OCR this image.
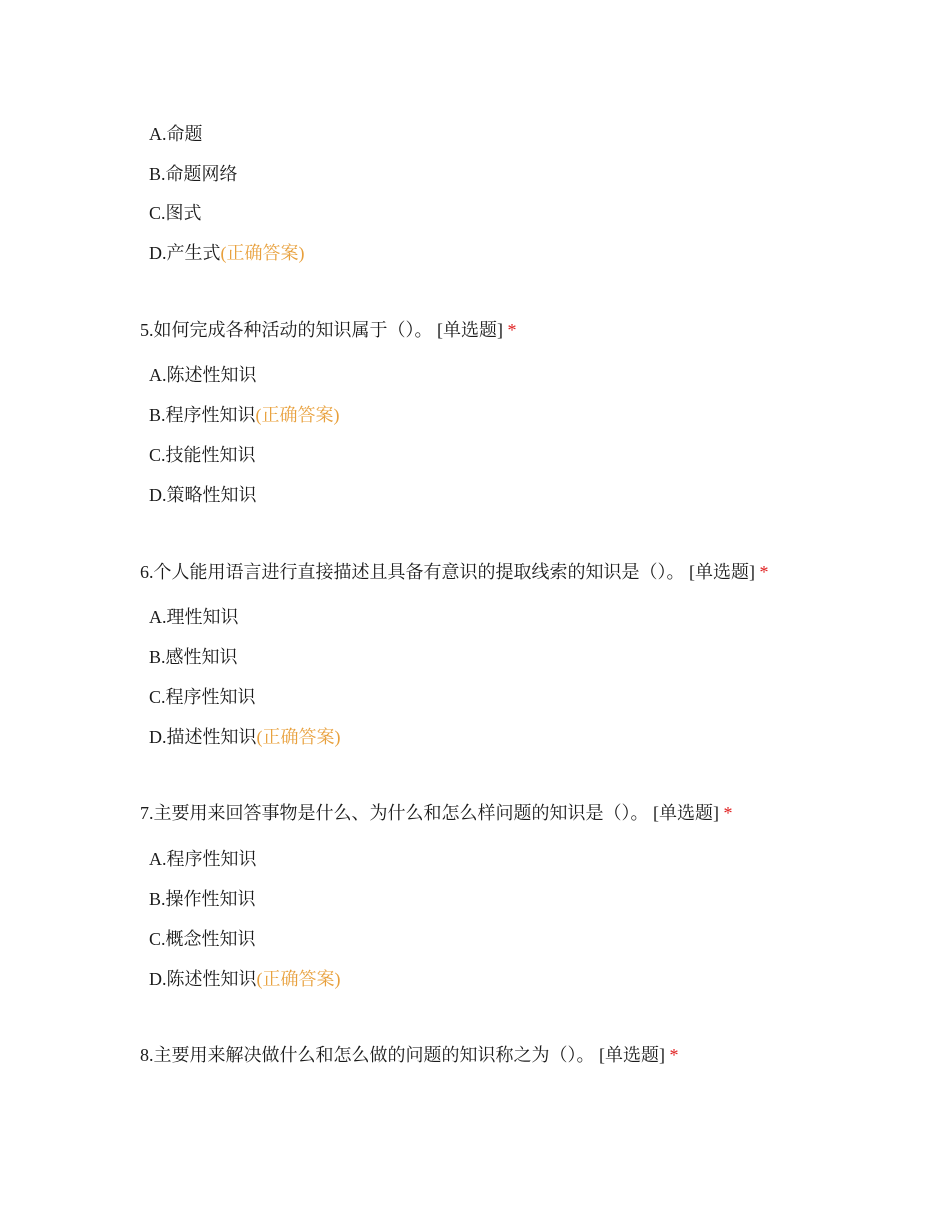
A.命题
B.命题网络
C.图式
D.产生式(正确答案)
5.如何完成各种活动的知识属于（）。 [单选题] *
A.陈述性知识
B.程序性知识(正确答案)
C.技能性知识
D.策略性知识
6.个人能用语言进行直接描述且具备有意识的提取线索的知识是（）。 [单选题] *
A.理性知识
B.感性知识
C.程序性知识
D.描述性知识(正确答案)
7.主要用来回答事物是什么、为什么和怎么样问题的知识是（）。 [单选题] *
A.程序性知识
B.操作性知识
C.概念性知识
D.陈述性知识(正确答案)
8.主要用来解决做什么和怎么做的问题的知识称之为（）。 [单选题] *
